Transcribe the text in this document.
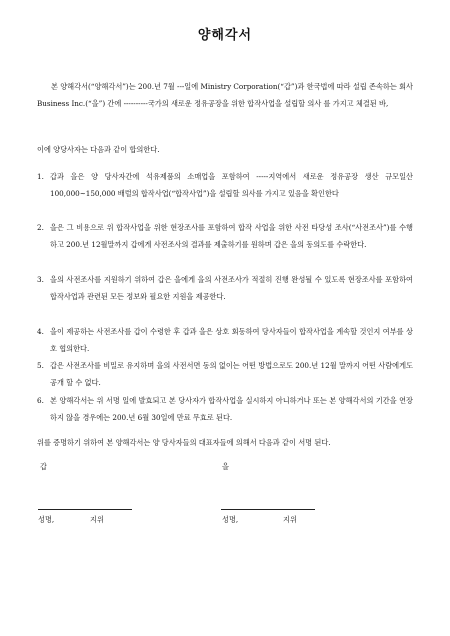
양해각서
본 양해각서(“양해각서”)는 200.년 7월 ---일에 Ministry Corporation(“갑”)과 한국법에 따라 설립 존속하는 회사 Business Inc.(“을”) 간에 ----------국가의 새로운 정유공장을 위한 합작사업을 설립할 의사 를 가지고 체결된 바,
이에 양당사자는 다음과 같이 합의한다.
1. 갑과 을은 양 당사자간에 석유제품의 소매업을 포함하여 -----지역에서 새로운 정유공장 생산 규모일산 100,000~150,000 배럴의 합작사업(“합작사업”)을 설립할 의사를 가지고 있음을 확인한다
2. 을은 그 비용으로 위 합작사업을 위한 현장조사를 포함하여 합작 사업을 위한 사전 타당성 조사(“사전조사”)를 수행하고 200.년 12월말까지 갑에게 사전조사의 결과를 제출하기를 원하며 갑은 을의 동의도를 수락한다.
3. 을의 사전조사를 지원하기 위하여 갑은 을에게 을의 사전조사가 적절히 진행 완성될 수 있도록 현장조사를 포함하여 합작사업과 관련된 모든 정보와 필요한 지원을 제공한다.
4. 을이 제공하는 사전조사를 갑이 수령한 후 갑과 을은 상호 회동하여 당사자들이 합작사업을 계속할 것인지 여부를 상호 협의한다.
5. 갑은 사전조사를 비밀로 유지하며 을의 사전서면 동의 없이는 어떤 방법으로도 200.년 12월 말까지 어떤 사람에게도 공개 할 수 없다.
6. 본 양해각서는 위 서명 일에 발효되고 본 당사자가 합작사업을 실시하지 아니하거나 또는 본 양해각서의 기간을 연장하지 않을 경우에는 200.년 6월 30일에 만료 무효로 된다.
위를 증명하기 위하여 본 양해각서는 양 당사자들의 대표자들에 의해서 다음과 같이 서명 된다.
갑	을
성명,	지위	성명,	지위
